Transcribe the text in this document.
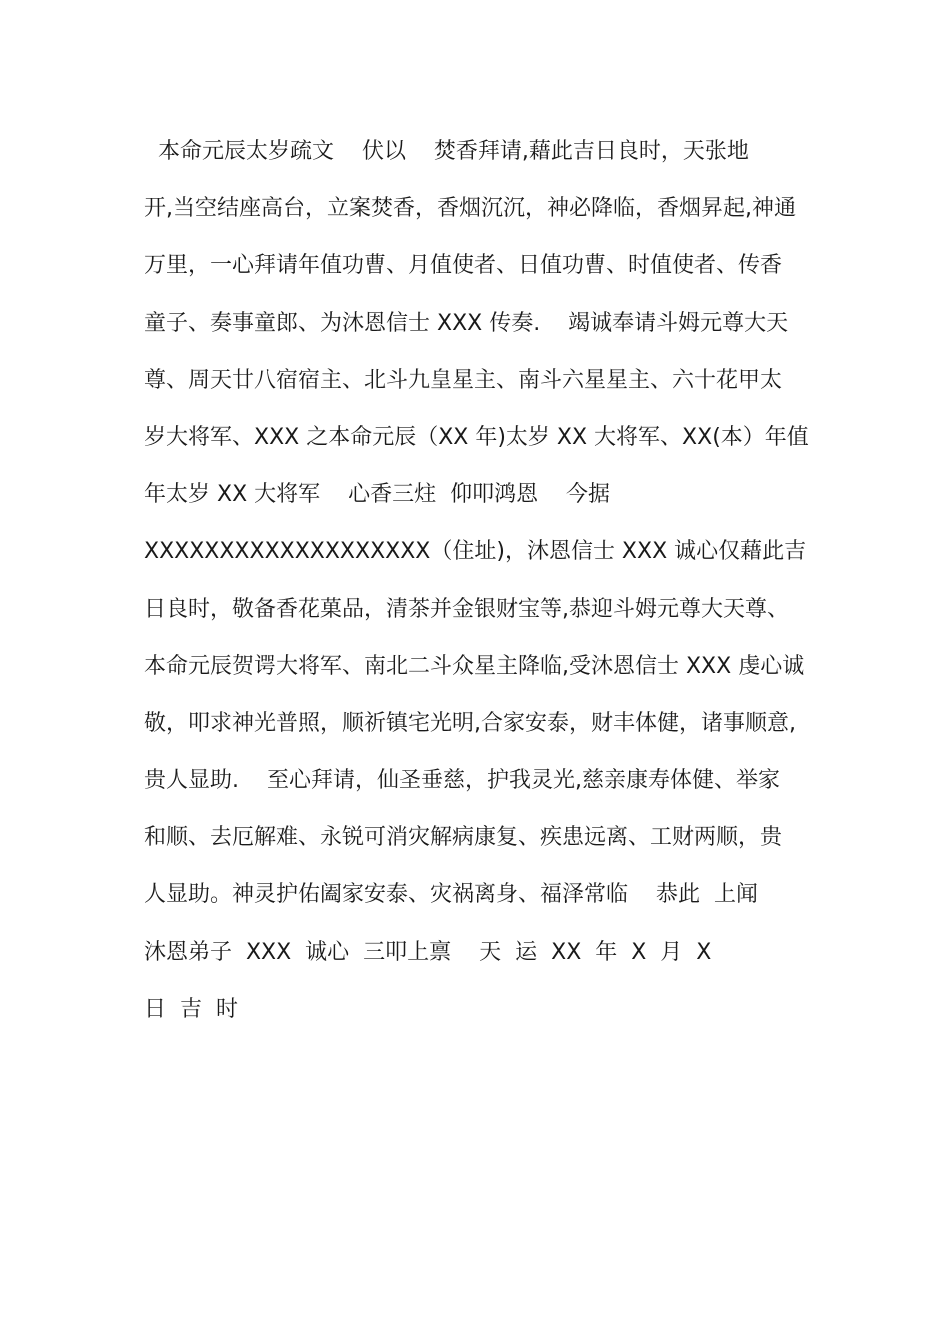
本命元辰太岁疏文    伏以    焚香拜请,藉此吉日良时，天张地
开,当空结座高台，立案焚香，香烟沉沉，神必降临，香烟昇起,神通
万里，一心拜请年值功曹、月值使者、日值功曹、时值使者、传香
童子、奏事童郎、为沐恩信士 XXX 传奏.    竭诚奉请斗姆元尊大天
尊、周天廿八宿宿主、北斗九皇星主、南斗六星星主、六十花甲太
岁大将军、XXX 之本命元辰（XX 年)太岁 XX 大将军、XX(本）年值
年太岁 XX 大将军    心香三炷  仰叩鸿恩    今据
XXXXXXXXXXXXXXXXXXX（住址)，沐恩信士 XXX 诚心仅藉此吉
日良时，敬备香花菓品，清茶并金银财宝等,恭迎斗姆元尊大天尊、
本命元辰贺谔大将军、南北二斗众星主降临,受沐恩信士 XXX 虔心诚
敬，叩求神光普照，顺祈镇宅光明,合家安泰，财丰体健，诸事顺意,
贵人显助.    至心拜请，仙圣垂慈，护我灵光,慈亲康寿体健、举家
和顺、去厄解难、永锐可消灾解病康复、疾患远离、工财两顺，贵
人显助。神灵护佑阖家安泰、灾祸离身、福泽常临    恭此  上闻
沐恩弟子  XXX  诚心  三叩上禀    天  运  XX  年  X  月  X
日  吉  时
